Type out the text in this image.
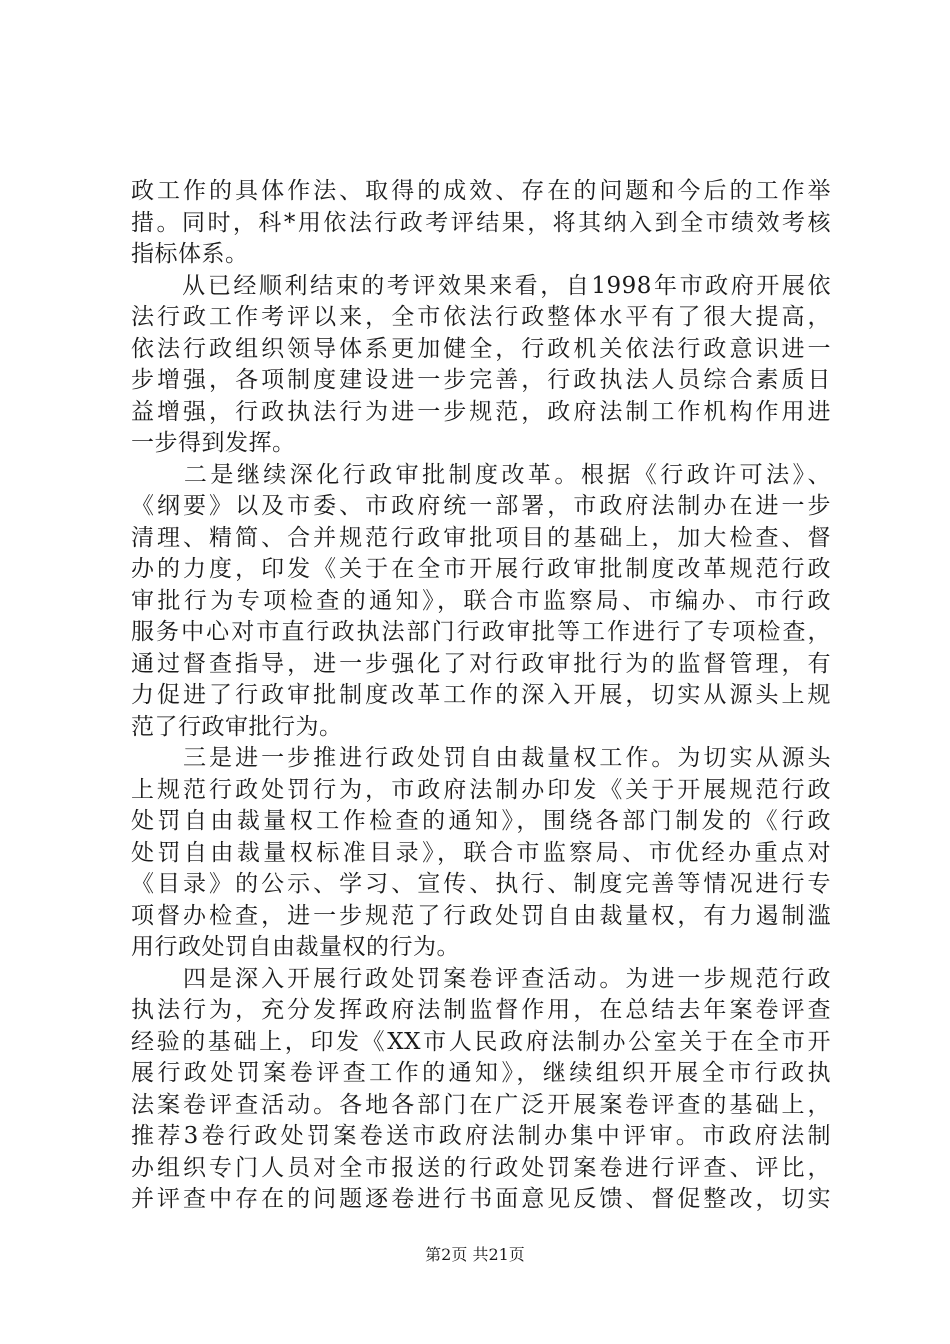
政工作的具体作法、取得的成效、存在的问题和今后的工作举
措。同时，科*用依法行政考评结果，将其纳入到全市绩效考核
指标体系。
　　从已经顺利结束的考评效果来看，自1998年市政府开展依
法行政工作考评以来，全市依法行政整体水平有了很大提高，
依法行政组织领导体系更加健全，行政机关依法行政意识进一
步增强，各项制度建设进一步完善，行政执法人员综合素质日
益增强，行政执法行为进一步规范，政府法制工作机构作用进
一步得到发挥。
　　二是继续深化行政审批制度改革。根据《行政许可法》、
《纲要》以及市委、市政府统一部署，市政府法制办在进一步
清理、精简、合并规范行政审批项目的基础上，加大检查、督
办的力度，印发《关于在全市开展行政审批制度改革规范行政
审批行为专项检查的通知》，联合市监察局、市编办、市行政
服务中心对市直行政执法部门行政审批等工作进行了专项检查，
通过督查指导，进一步强化了对行政审批行为的监督管理，有
力促进了行政审批制度改革工作的深入开展，切实从源头上规
范了行政审批行为。
　　三是进一步推进行政处罚自由裁量权工作。为切实从源头
上规范行政处罚行为，市政府法制办印发《关于开展规范行政
处罚自由裁量权工作检查的通知》，围绕各部门制发的《行政
处罚自由裁量权标准目录》，联合市监察局、市优经办重点对
《目录》的公示、学习、宣传、执行、制度完善等情况进行专
项督办检查，进一步规范了行政处罚自由裁量权，有力遏制滥
用行政处罚自由裁量权的行为。
　　四是深入开展行政处罚案卷评查活动。为进一步规范行政
执法行为，充分发挥政府法制监督作用，在总结去年案卷评查
经验的基础上，印发《XX市人民政府法制办公室关于在全市开
展行政处罚案卷评查工作的通知》，继续组织开展全市行政执
法案卷评查活动。各地各部门在广泛开展案卷评查的基础上，
推荐3卷行政处罚案卷送市政府法制办集中评审。市政府法制
办组织专门人员对全市报送的行政处罚案卷进行评查、评比，
并评查中存在的问题逐卷进行书面意见反馈、督促整改，切实
第2页 共21页
